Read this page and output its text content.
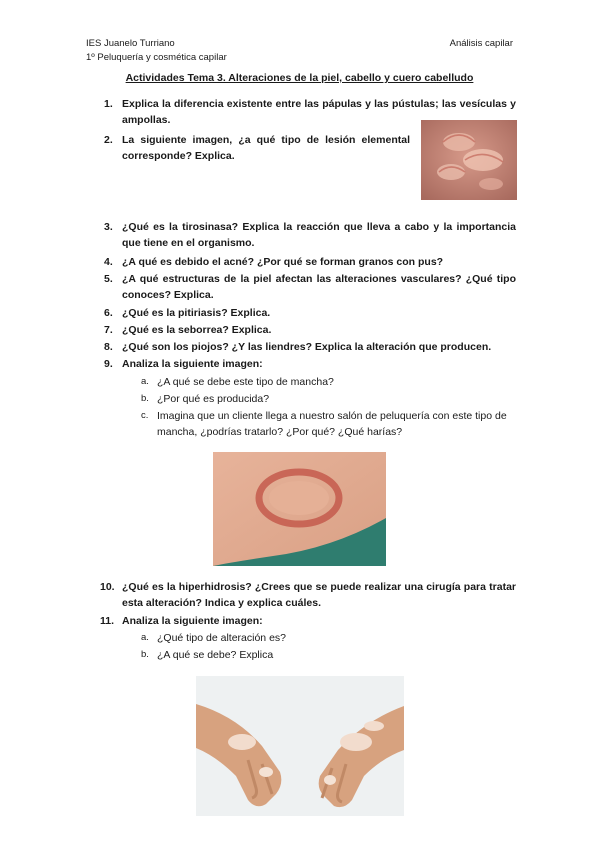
IES Juanelo Turriano
1º Peluquería y cosmética capilar
Análisis capilar
Actividades Tema 3. Alteraciones de la piel, cabello y cuero cabelludo
1. Explica la diferencia existente entre las pápulas y las pústulas; las vesículas y ampollas.
2. La siguiente imagen, ¿a qué tipo de lesión elemental corresponde? Explica.
3. ¿Qué es la tirosinasa? Explica la reacción que lleva a cabo y la importancia que tiene en el organismo.
4. ¿A qué es debido el acné? ¿Por qué se forman granos con pus?
5. ¿A qué estructuras de la piel afectan las alteraciones vasculares? ¿Qué tipo conoces? Explica.
6. ¿Qué es la pitiriasis? Explica.
7. ¿Qué es la seborrea? Explica.
8. ¿Qué son los piojos? ¿Y las liendres? Explica la alteración que producen.
9. Analiza la siguiente imagen:
a. ¿A qué se debe este tipo de mancha?
b. ¿Por qué es producida?
c. Imagina que un cliente llega a nuestro salón de peluquería con este tipo de mancha, ¿podrías tratarlo? ¿Por qué? ¿Qué harías?
10. ¿Qué es la hiperhidrosis? ¿Crees que se puede realizar una cirugía para tratar esta alteración? Indica y explica cuáles.
11. Analiza la siguiente imagen:
a. ¿Qué tipo de alteración es?
b. ¿A qué se debe? Explica
